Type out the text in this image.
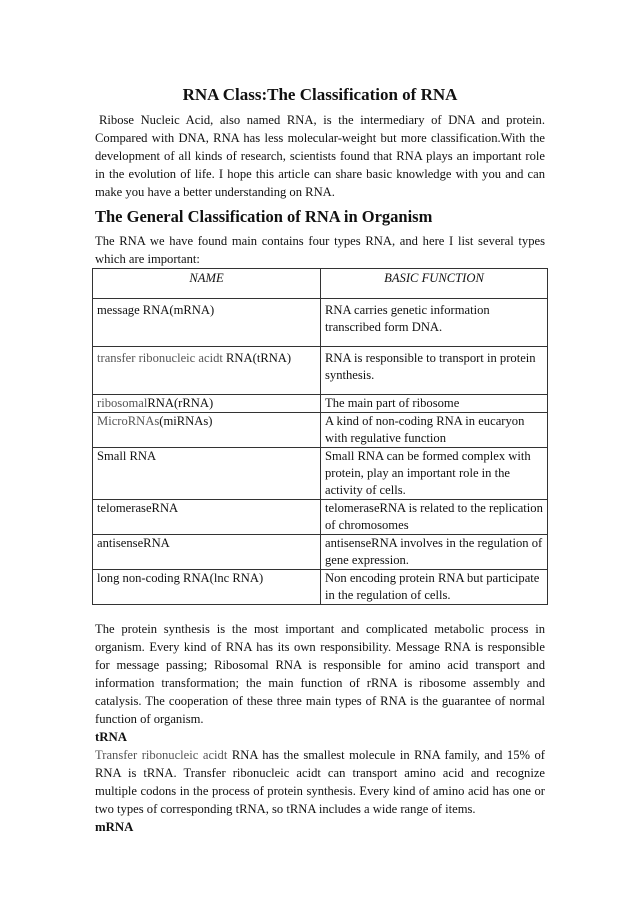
RNA Class:The Classification of RNA

Ribose Nucleic Acid, also named RNA, is the intermediary of DNA and protein. Compared with DNA, RNA has less molecular-weight but more classification.With the development of all kinds of research, scientists found that RNA plays an important role in the evolution of life. I hope this article can share basic knowledge with you and can make you have a better understanding on RNA.

The General Classification of RNA in Organism

The RNA we have found main contains four types RNA, and here I list several types which are important:

NAME	BASIC FUNCTION
message RNA(mRNA)	RNA carries genetic information transcribed form DNA.
transfer ribonucleic acidt RNA(tRNA)	RNA is responsible to transport in protein synthesis.
ribosomalRNA(rRNA)	The main part of ribosome
MicroRNAs(miRNAs)	A kind of non-coding RNA in eucaryon with regulative function
Small RNA	Small RNA can be formed complex with protein, play an important role in the activity of cells.
telomeraseRNA	telomeraseRNA is related to the replication of chromosomes
antisenseRNA	antisenseRNA involves in the regulation of gene expression.
long non-coding RNA(lnc RNA)	Non encoding protein RNA but participate in the regulation of cells.

The protein synthesis is the most important and complicated metabolic process in organism. Every kind of RNA has its own responsibility. Message RNA is responsible for message passing; Ribosomal RNA is responsible for amino acid transport and information transformation; the main function of rRNA is ribosome assembly and catalysis. The cooperation of these three main types of RNA is the guarantee of normal function of organism.

tRNA

Transfer ribonucleic acidt RNA has the smallest molecule in RNA family, and 15% of RNA is tRNA. Transfer ribonucleic acidt can transport amino acid and recognize multiple codons in the process of protein synthesis. Every kind of amino acid has one or two types of corresponding tRNA, so tRNA includes a wide range of items.

mRNA
